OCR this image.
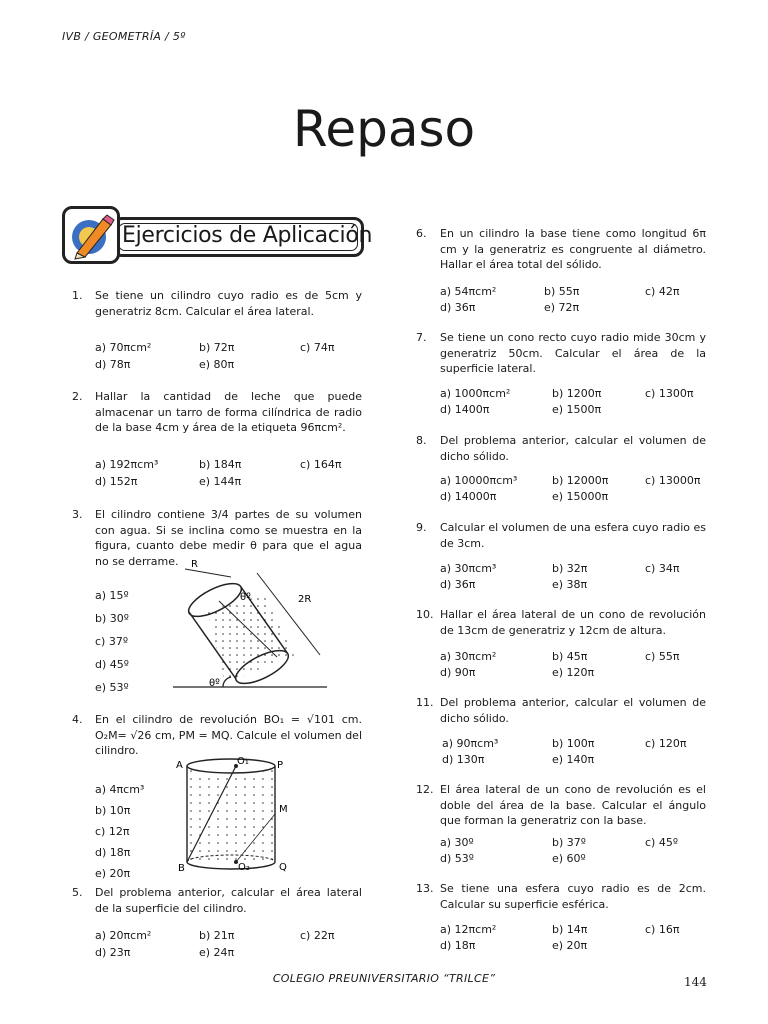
IVB / GEOMETRÍA / 5º
Repaso
Ejercicios de Aplicación
1. Se tiene un cilindro cuyo radio es de 5cm y generatriz 8cm. Calcular el área lateral.
a) 70πcm²	b) 72π	c) 74π
d) 78π	e) 80π
2. Hallar la cantidad de leche que puede almacenar un tarro de forma cilíndrica de radio de la base 4cm y área de la etiqueta 96πcm².
a) 192πcm³	b) 184π	c) 164π
d) 152π	e) 144π
3. El cilindro contiene 3/4 partes de su volumen con agua. Si se inclina como se muestra en la figura, cuanto debe medir θ para que el agua no se derrame.
a) 15º
b) 30º
c) 37º
d) 45º
e) 53º
R
θº	2R
θº
4. En el cilindro de revolución BO₁ = √101 cm. O₂M= √26 cm, PM = MQ. Calcule el volumen del cilindro.
a) 4πcm³
b) 10π
c) 12π
d) 18π
e) 20π
A	O₁	P
M
B	O₂	Q
5. Del problema anterior, calcular el área lateral de la superficie del cilindro.
a) 20πcm²	b) 21π	c) 22π
d) 23π	e) 24π
6. En un cilindro la base tiene como longitud 6π cm y la generatriz es congruente al diámetro. Hallar el área total del sólido.
a) 54πcm²	b) 55π	c) 42π
d) 36π	e) 72π
7. Se tiene un cono recto cuyo radio mide 30cm y generatriz 50cm. Calcular el área de la superficie lateral.
a) 1000πcm²	b) 1200π	c) 1300π
d) 1400π	e) 1500π
8. Del problema anterior, calcular el volumen de dicho sólido.
a) 10000πcm³	b) 12000π	c) 13000π
d) 14000π	e) 15000π
9. Calcular el volumen de una esfera cuyo radio es de 3cm.
a) 30πcm³	b) 32π	c) 34π
d) 36π	e) 38π
10. Hallar el área lateral de un cono de revolución de 13cm de generatriz y 12cm de altura.
a) 30πcm²	b) 45π	c) 55π
d) 90π	e) 120π
11. Del problema anterior, calcular el volumen de dicho sólido.
a) 90πcm³	b) 100π	c) 120π
d) 130π	e) 140π
12. El área lateral de un cono de revolución es el doble del área de la base. Calcular el ángulo que forman la generatriz con la base.
a) 30º	b) 37º	c) 45º
d) 53º	e) 60º
13. Se tiene una esfera cuyo radio es de 2cm. Calcular su superficie esférica.
a) 12πcm²	b) 14π	c) 16π
d) 18π	e) 20π
COLEGIO PREUNIVERSITARIO “TRILCE”	144
